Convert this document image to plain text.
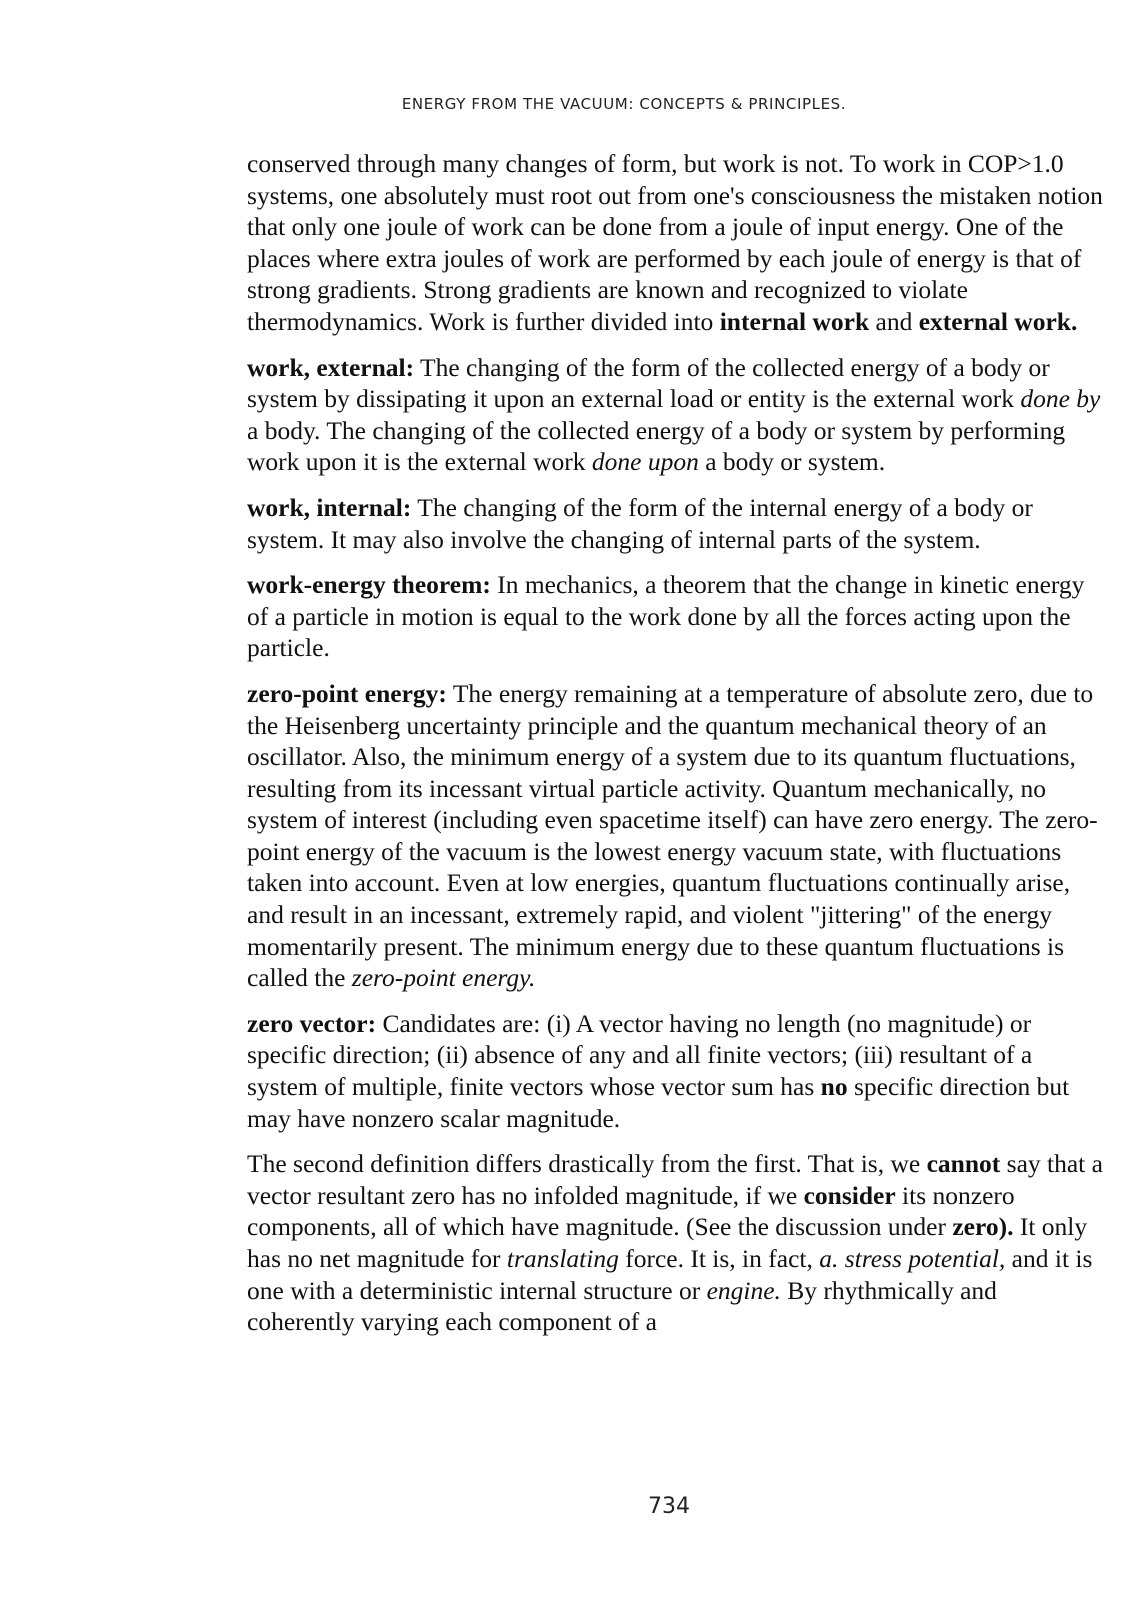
ENERGY FROM THE VACUUM: CONCEPTS & PRINCIPLES.

conserved through many changes of form, but work is not. To work in COP>1.0 systems, one absolutely must root out from one's consciousness the mistaken notion that only one joule of work can be done from a joule of input energy. One of the places where extra joules of work are performed by each joule of energy is that of strong gradients. Strong gradients are known and recognized to violate thermodynamics. Work is further divided into internal work and external work.

work, external: The changing of the form of the collected energy of a body or system by dissipating it upon an external load or entity is the external work done by a body. The changing of the collected energy of a body or system by performing work upon it is the external work done upon a body or system.

work, internal: The changing of the form of the internal energy of a body or system. It may also involve the changing of internal parts of the system.

work-energy theorem: In mechanics, a theorem that the change in kinetic energy of a particle in motion is equal to the work done by all the forces acting upon the particle.

zero-point energy: The energy remaining at a temperature of absolute zero, due to the Heisenberg uncertainty principle and the quantum mechanical theory of an oscillator. Also, the minimum energy of a system due to its quantum fluctuations, resulting from its incessant virtual particle activity. Quantum mechanically, no system of interest (including even spacetime itself) can have zero energy. The zero-point energy of the vacuum is the lowest energy vacuum state, with fluctuations taken into account. Even at low energies, quantum fluctuations continually arise, and result in an incessant, extremely rapid, and violent "jittering" of the energy momentarily present. The minimum energy due to these quantum fluctuations is called the zero-point energy.

zero vector: Candidates are: (i) A vector having no length (no magnitude) or specific direction; (ii) absence of any and all finite vectors; (iii) resultant of a system of multiple, finite vectors whose vector sum has no specific direction but may have nonzero scalar magnitude.

The second definition differs drastically from the first. That is, we cannot say that a vector resultant zero has no infolded magnitude, if we consider its nonzero components, all of which have magnitude. (See the discussion under zero). It only has no net magnitude for translating force. It is, in fact, a. stress potential, and it is one with a deterministic internal structure or engine. By rhythmically and coherently varying each component of a

734
